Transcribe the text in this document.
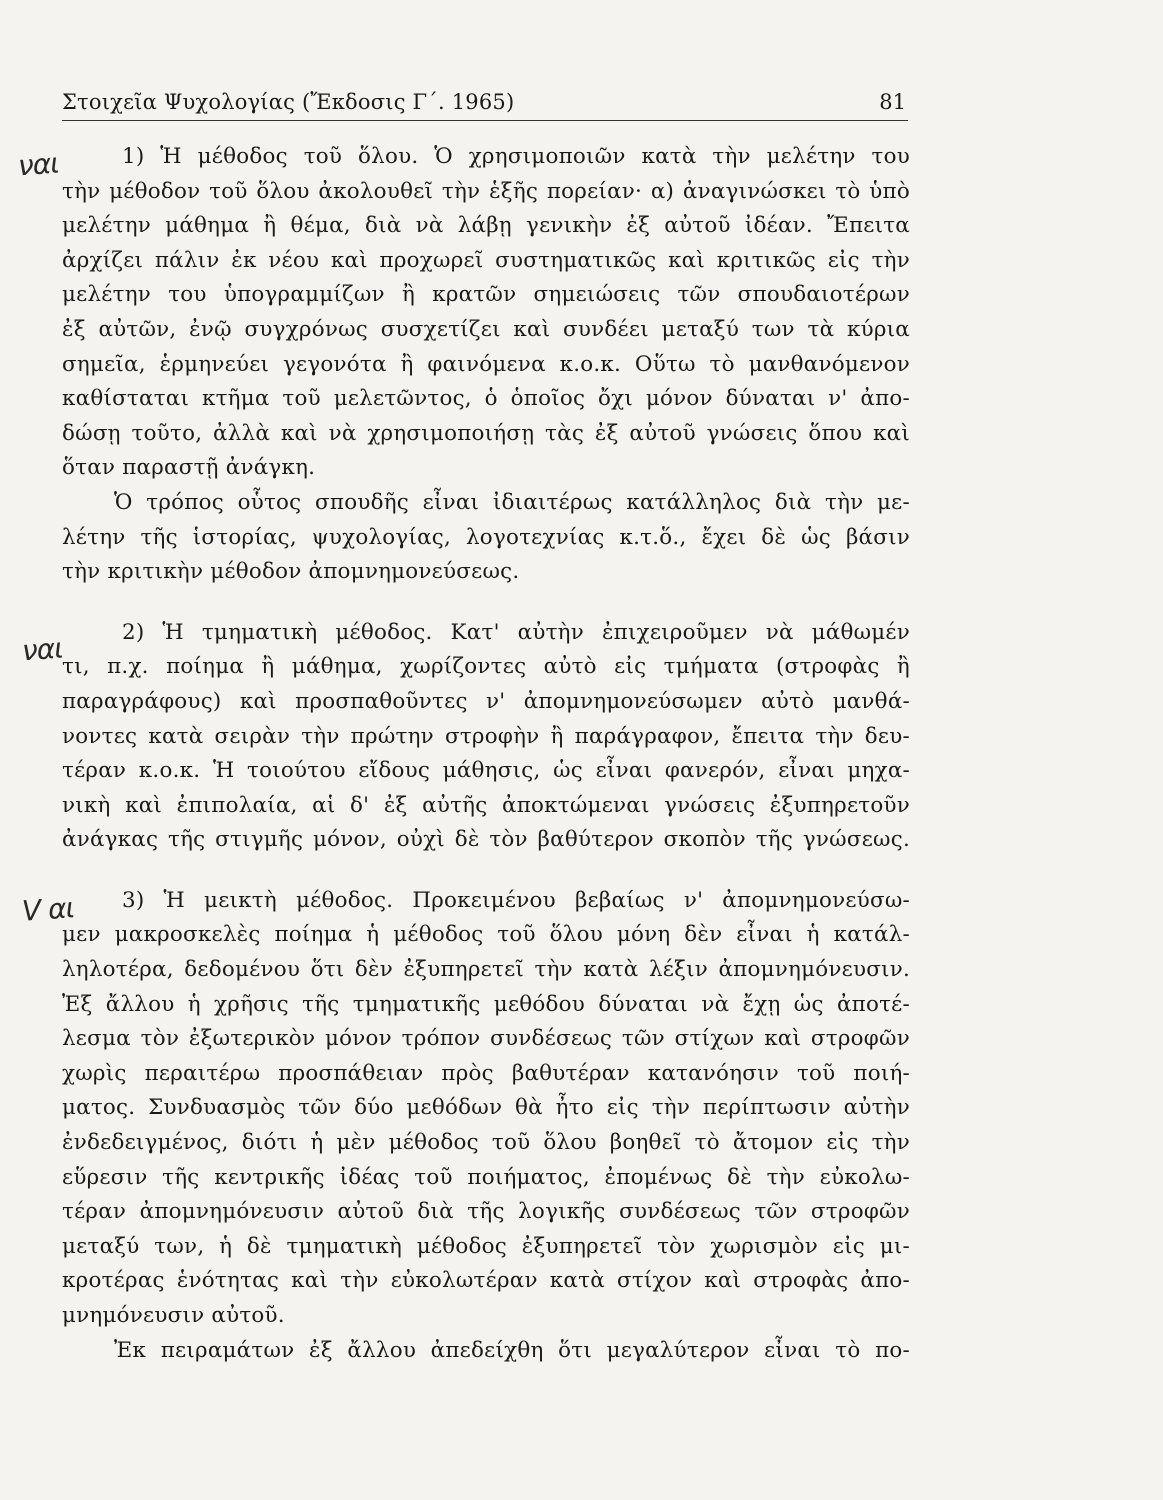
Στοιχεῖα Ψυχολογίας (Ἔκδοσις Γ΄. 1965)	81
ναι
ναι
V αι
1) Ἡ μέθοδος τοῦ ὅλου. Ὁ χρησιμοποιῶν κατὰ τὴν μελέτην του
τὴν μέθοδον τοῦ ὅλου ἀκολουθεῖ τὴν ἑξῆς πορείαν· α) ἀναγινώσκει τὸ ὑπὸ
μελέτην μάθημα ἢ θέμα, διὰ νὰ λάβῃ γενικὴν ἐξ αὐτοῦ ἰδέαν. Ἔπειτα
ἀρχίζει πάλιν ἐκ νέου καὶ προχωρεῖ συστηματικῶς καὶ κριτικῶς εἰς τὴν
μελέτην του ὑπογραμμίζων ἢ κρατῶν σημειώσεις τῶν σπουδαιοτέρων
ἐξ αὐτῶν, ἐνῷ συγχρόνως συσχετίζει καὶ συνδέει μεταξύ των τὰ κύρια
σημεῖα, ἑρμηνεύει γεγονότα ἢ φαινόμενα κ.ο.κ. Οὕτω τὸ μανθανόμενον
καθίσταται κτῆμα τοῦ μελετῶντος, ὁ ὁποῖος ὄχι μόνον δύναται ν' ἀπο-
δώσῃ τοῦτο, ἀλλὰ καὶ νὰ χρησιμοποιήσῃ τὰς ἐξ αὐτοῦ γνώσεις ὅπου καὶ
ὅταν παραστῇ ἀνάγκη.
Ὁ τρόπος οὗτος σπουδῆς εἶναι ἰδιαιτέρως κατάλληλος διὰ τὴν με-
λέτην τῆς ἱστορίας, ψυχολογίας, λογοτεχνίας κ.τ.ὅ., ἔχει δὲ ὡς βάσιν
τὴν κριτικὴν μέθοδον ἀπομνημονεύσεως.
2) Ἡ τμηματικὴ μέθοδος. Κατ' αὐτὴν ἐπιχειροῦμεν νὰ μάθωμέν
τι, π.χ. ποίημα ἢ μάθημα, χωρίζοντες αὐτὸ εἰς τμήματα (στροφὰς ἢ
παραγράφους) καὶ προσπαθοῦντες ν' ἀπομνημονεύσωμεν αὐτὸ μανθά-
νοντες κατὰ σειρὰν τὴν πρώτην στροφὴν ἢ παράγραφον, ἔπειτα τὴν δευ-
τέραν κ.ο.κ. Ἡ τοιούτου εἴδους μάθησις, ὡς εἶναι φανερόν, εἶναι μηχα-
νικὴ καὶ ἐπιπολαία, αἱ δ' ἐξ αὐτῆς ἀποκτώμεναι γνώσεις ἐξυπηρετοῦν
ἀνάγκας τῆς στιγμῆς μόνον, οὐχὶ δὲ τὸν βαθύτερον σκοπὸν τῆς γνώσεως.
3) Ἡ μεικτὴ μέθοδος. Προκειμένου βεβαίως ν' ἀπομνημονεύσω-
μεν μακροσκελὲς ποίημα ἡ μέθοδος τοῦ ὅλου μόνη δὲν εἶναι ἡ κατάλ-
ληλοτέρα, δεδομένου ὅτι δὲν ἐξυπηρετεῖ τὴν κατὰ λέξιν ἀπομνημόνευσιν.
Ἐξ ἄλλου ἡ χρῆσις τῆς τμηματικῆς μεθόδου δύναται νὰ ἔχῃ ὡς ἀποτέ-
λεσμα τὸν ἐξωτερικὸν μόνον τρόπον συνδέσεως τῶν στίχων καὶ στροφῶν
χωρὶς περαιτέρω προσπάθειαν πρὸς βαθυτέραν κατανόησιν τοῦ ποιή-
ματος. Συνδυασμὸς τῶν δύο μεθόδων θὰ ἦτο εἰς τὴν περίπτωσιν αὐτὴν
ἐνδεδειγμένος, διότι ἡ μὲν μέθοδος τοῦ ὅλου βοηθεῖ τὸ ἄτομον εἰς τὴν
εὕρεσιν τῆς κεντρικῆς ἰδέας τοῦ ποιήματος, ἐπομένως δὲ τὴν εὐκολω-
τέραν ἀπομνημόνευσιν αὐτοῦ διὰ τῆς λογικῆς συνδέσεως τῶν στροφῶν
μεταξύ των, ἡ δὲ τμηματικὴ μέθοδος ἐξυπηρετεῖ τὸν χωρισμὸν εἰς μι-
κροτέρας ἑνότητας καὶ τὴν εὐκολωτέραν κατὰ στίχον καὶ στροφὰς ἀπο-
μνημόνευσιν αὐτοῦ.
Ἐκ πειραμάτων ἐξ ἄλλου ἀπεδείχθη ὅτι μεγαλύτερον εἶναι τὸ πο-
